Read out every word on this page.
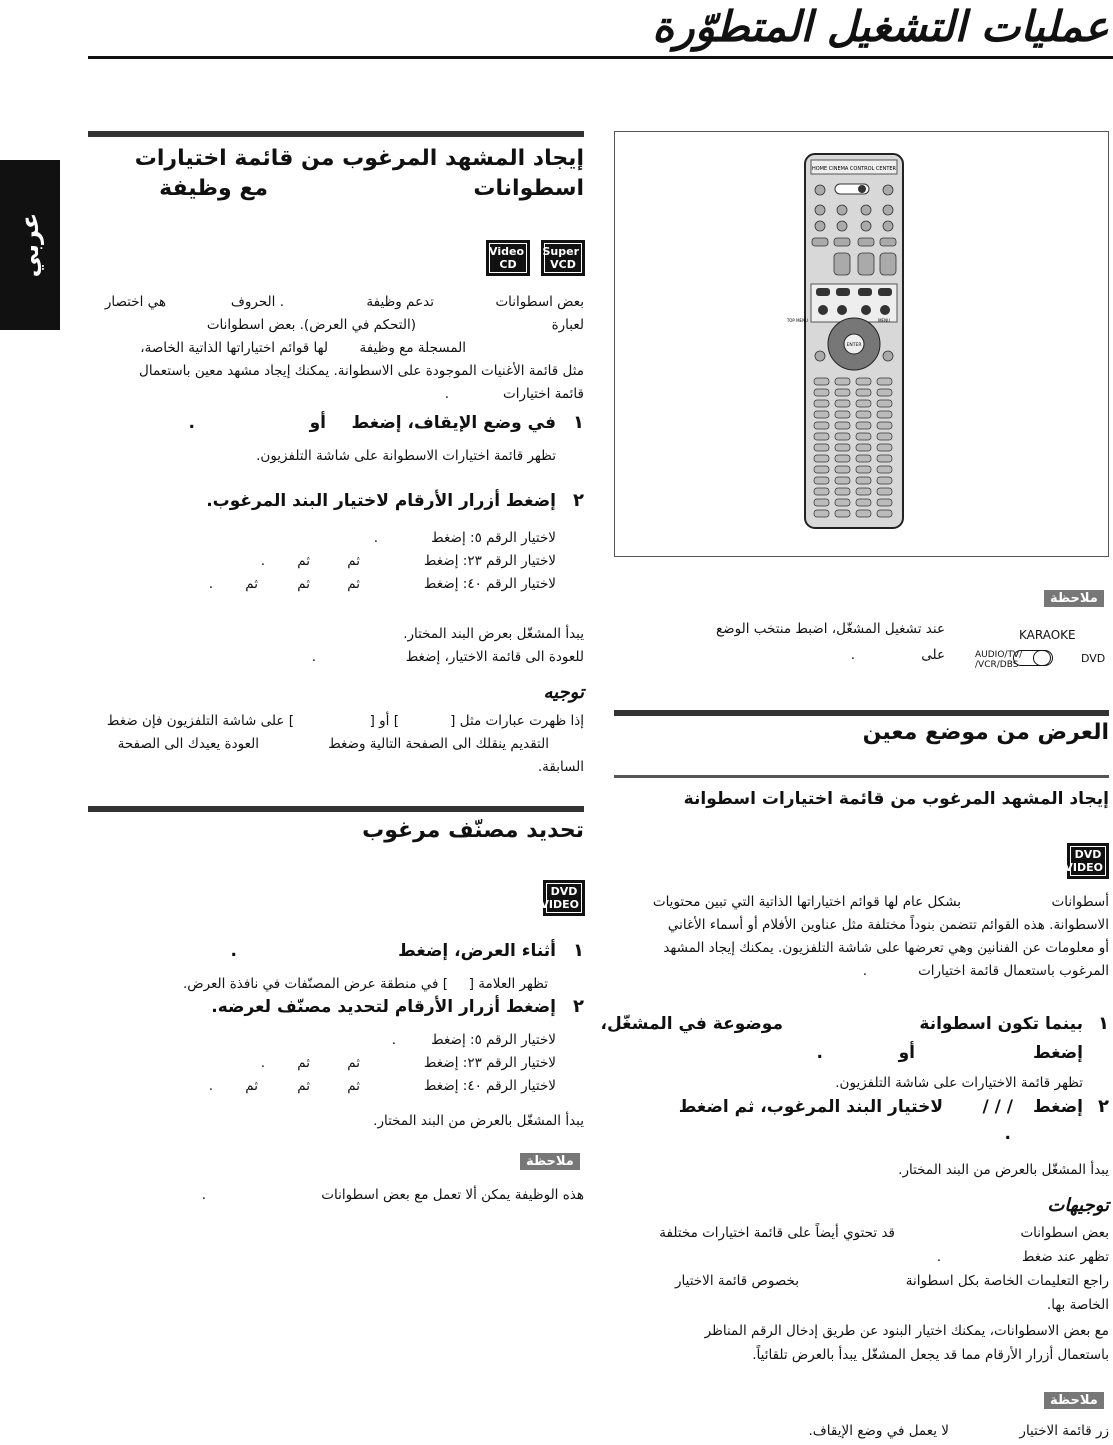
عمليات التشغيل المتطوّرة
عربي
إيجاد المشهد المرغوب من قائمة اختيارات
اسطوانات
مع وظيفة
Super
VCD
Video
CD
بعض اسطوانات
تدعم وظيفة
. الحروف
هي اختصار
لعبارة
(التحكم في العرض). بعض اسطوانات
المسجلة مع وظيفة
لها قوائم اختياراتها الذاتية الخاصة،
مثل قائمة الأغنيات الموجودة على الاسطوانة. يمكنك إيجاد مشهد معين باستعمال
قائمة اختيارات
.
١
في وضع الإيقاف، إضغط
أو
.
تظهر قائمة اختيارات الاسطوانة على شاشة التلفزيون.
٢
إضغط أزرار الأرقام لاختيار البند المرغوب.
لاختيار الرقم ٥: إضغط
.
لاختيار الرقم ٢٣: إضغط
ثم
ثم
.
لاختيار الرقم ٤٠: إضغط
ثم
ثم
ثم
.
يبدأ المشغّل بعرض البند المختار.
للعودة الى قائمة الاختيار، إضغط
.
توجيه
إذا ظهرت عبارات مثل [
] أو [
] على شاشة التلفزيون فإن ضغط
التقديم ينقلك الى الصفحة التالية وضغط
العودة يعيدك الى الصفحة
السابقة.
تحديد مصنّف مرغوب
DVD
VIDEO
١
أثناء العرض، إضغط
.
تظهر العلامة [
] في منطقة عرض المصنّفات في نافذة العرض.
٢
إضغط أزرار الأرقام لتحديد مصنّف لعرضه.
لاختيار الرقم ٥: إضغط
.
لاختيار الرقم ٢٣: إضغط
ثم
ثم
.
لاختيار الرقم ٤٠: إضغط
ثم
ثم
ثم
.
يبدأ المشغّل بالعرض من البند المختار.
ملاحظة
هذه الوظيفة يمكن ألا تعمل مع بعض اسطوانات
.
HOME CINEMA CONTROL CENTER
ENTER
TOP MENU	MENU
ملاحظة
عند تشغيل المشغّل، اضبط منتخب الوضع
على
.
KARAOKE
AUDIO/TV/
/VCR/DBS	DVD
العرض من موضع معين
إيجاد المشهد المرغوب من قائمة اختيارات اسطوانة
DVD
VIDEO
أسطوانات
بشكل عام لها قوائم اختياراتها الذاتية التي تبين محتويات
الاسطوانة. هذه القوائم تتضمن بنوداً مختلفة مثل عناوين الأفلام أو أسماء الأغاني
أو معلومات عن الفنانين وهي تعرضها على شاشة التلفزيون. يمكنك إيجاد المشهد
المرغوب باستعمال قائمة اختيارات
.
١
بينما تكون اسطوانة
موضوعة في المشغّل،
إضغط
أو
.
تظهر قائمة الاختيارات على شاشة التلفزيون.
٢
إضغط
/ / /
لاختيار البند المرغوب، ثم اضغط
.
يبدأ المشغّل بالعرض من البند المختار.
توجيهات
بعض اسطوانات
قد تحتوي أيضاً على قائمة اختيارات مختلفة
تظهر عند ضغط
.
راجع التعليمات الخاصة بكل اسطوانة
بخصوص قائمة الاختيار
الخاصة بها.
مع بعض الاسطوانات، يمكنك اختيار البنود عن طريق إدخال الرقم المناظر
باستعمال أزرار الأرقام مما قد يجعل المشغّل يبدأ بالعرض تلقائياً.
ملاحظة
زر قائمة الاختيار
لا يعمل في وضع الإيقاف.
